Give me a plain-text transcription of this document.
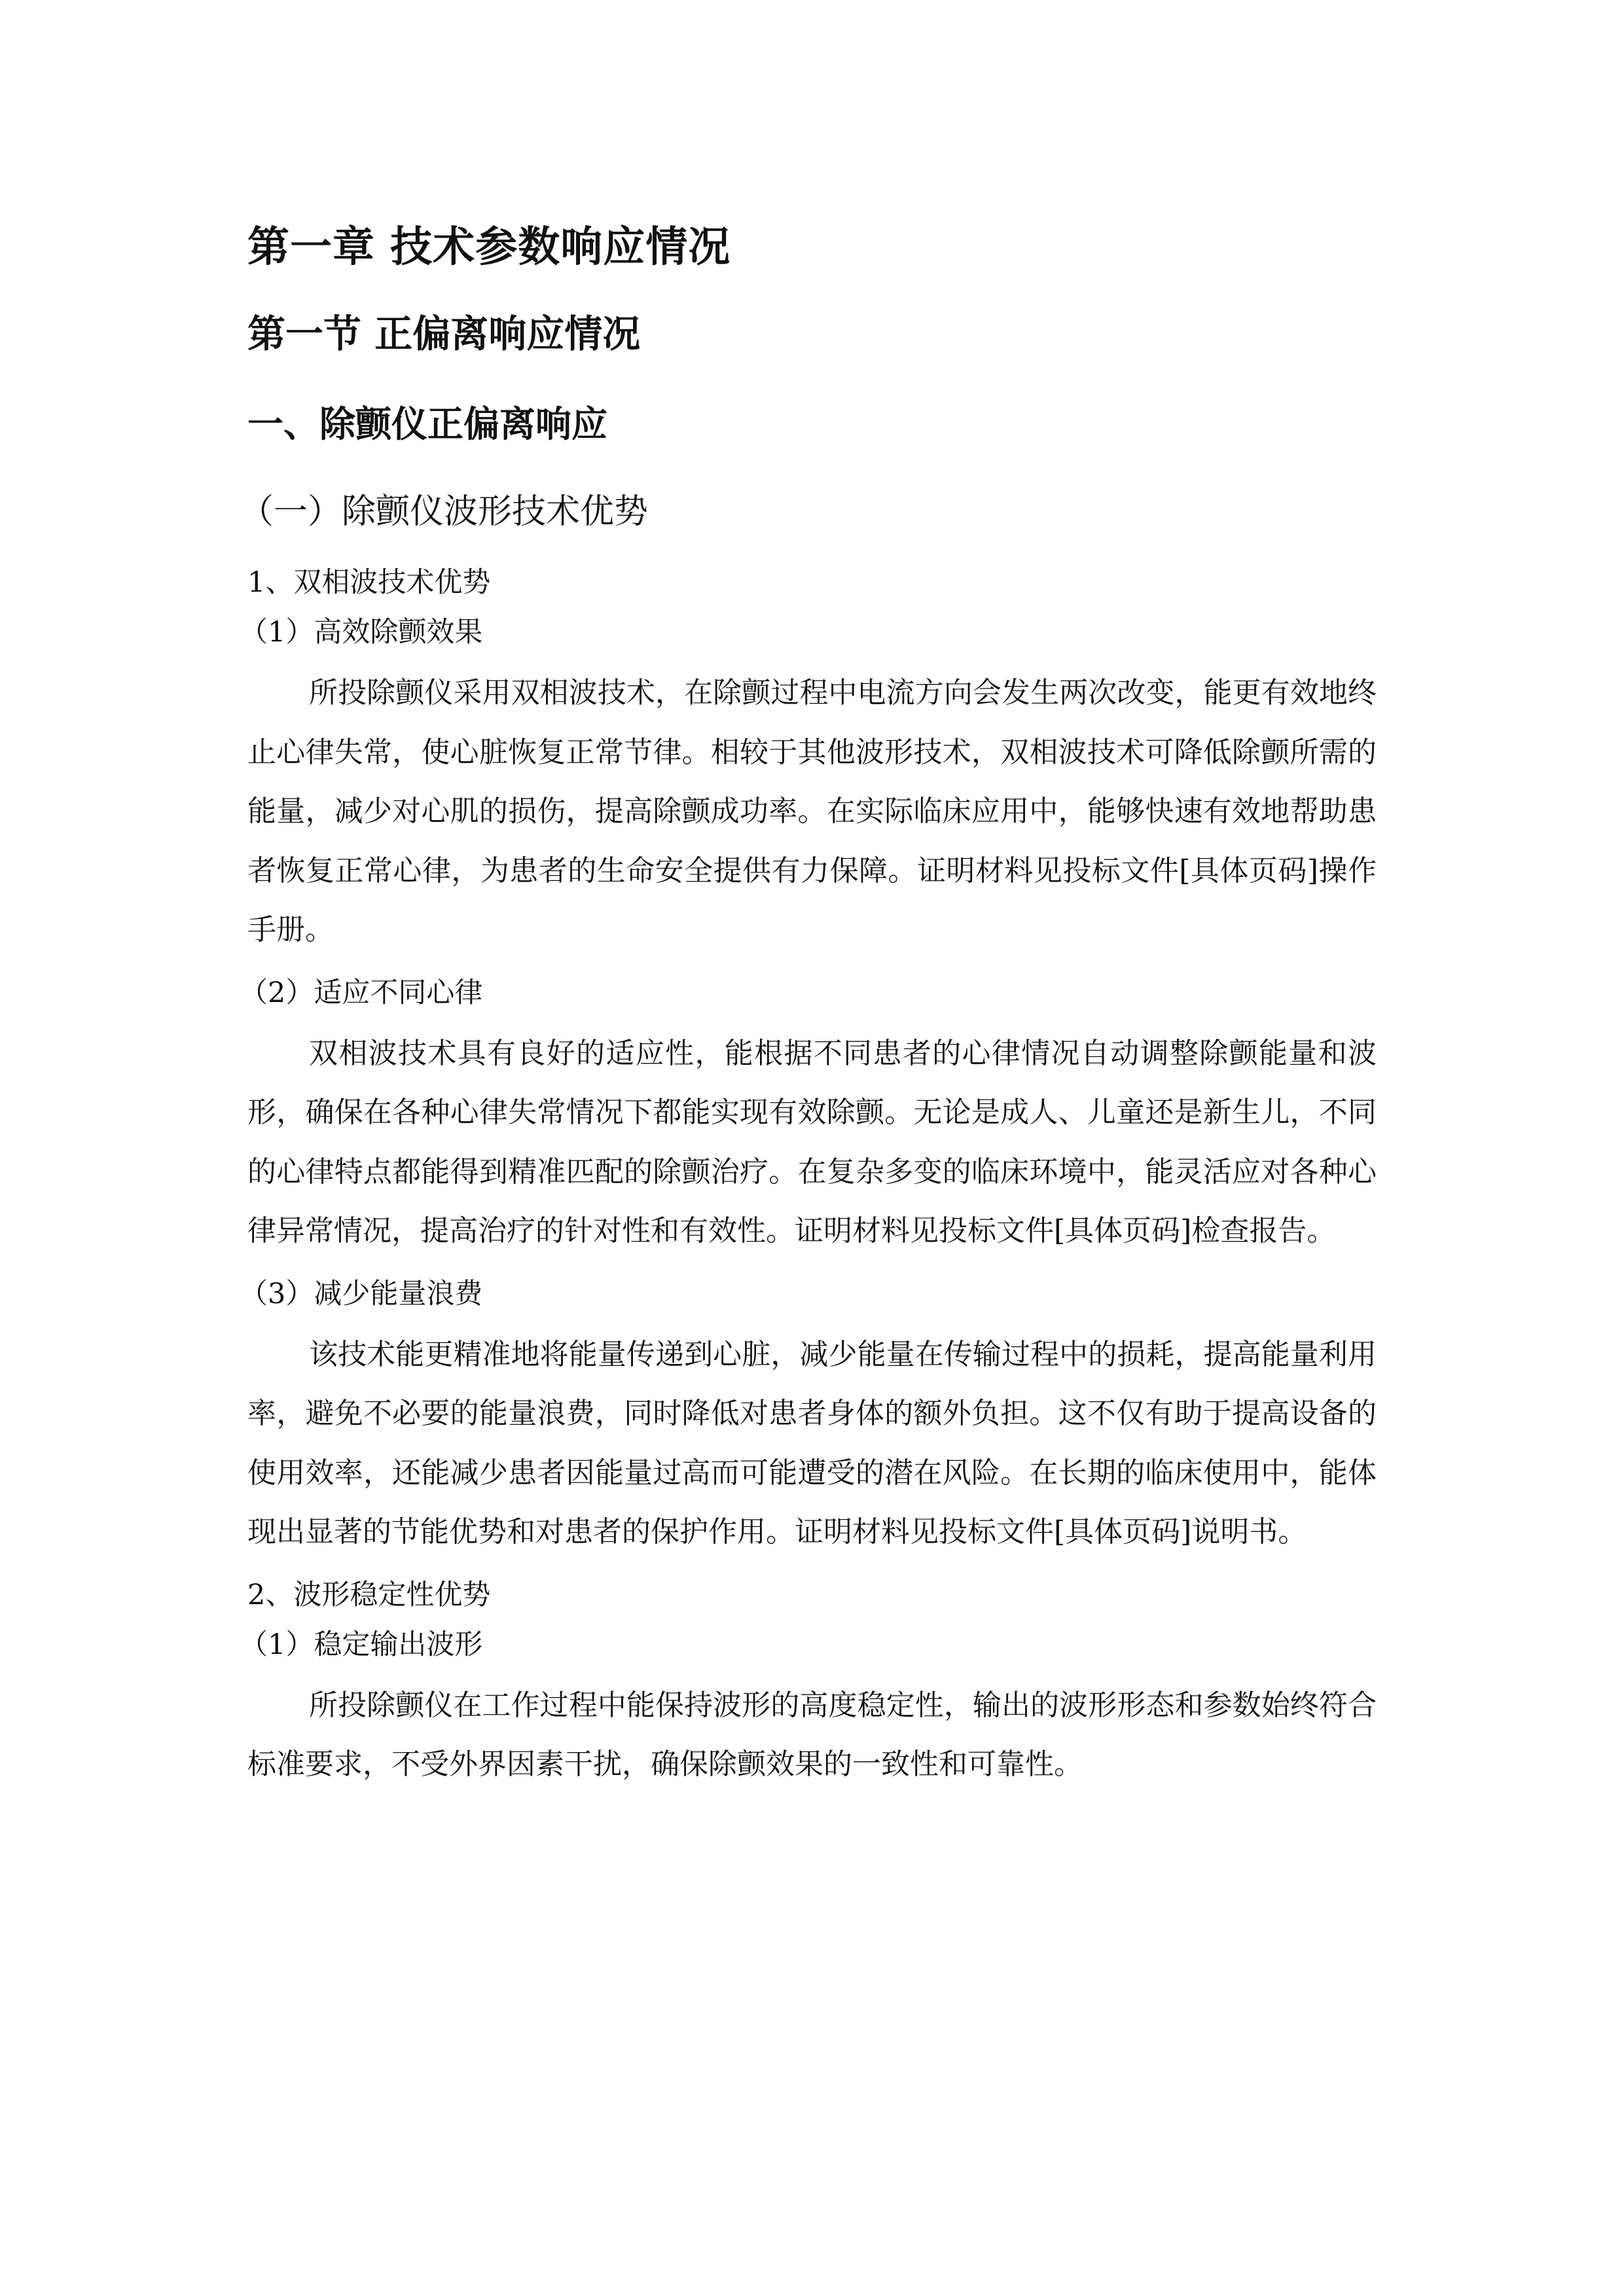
第一章 技术参数响应情况
第一节 正偏离响应情况
一、除颤仪正偏离响应
（一）除颤仪波形技术优势
1、双相波技术优势
（1）高效除颤效果

所投除颤仪采用双相波技术，在除颤过程中电流方向会发生两次改变，能更有效地终止心律失常，使心脏恢复正常节律。相较于其他波形技术，双相波技术可降低除颤所需的能量，减少对心肌的损伤，提高除颤成功率。在实际临床应用中，能够快速有效地帮助患者恢复正常心律，为患者的生命安全提供有力保障。证明材料见投标文件[具体页码]操作手册。

（2）适应不同心律

双相波技术具有良好的适应性，能根据不同患者的心律情况自动调整除颤能量和波形，确保在各种心律失常情况下都能实现有效除颤。无论是成人、儿童还是新生儿，不同的心律特点都能得到精准匹配的除颤治疗。在复杂多变的临床环境中，能灵活应对各种心律异常情况，提高治疗的针对性和有效性。证明材料见投标文件[具体页码]检查报告。

（3）减少能量浪费

该技术能更精准地将能量传递到心脏，减少能量在传输过程中的损耗，提高能量利用率，避免不必要的能量浪费，同时降低对患者身体的额外负担。这不仅有助于提高设备的使用效率，还能减少患者因能量过高而可能遭受的潜在风险。在长期的临床使用中，能体现出显著的节能优势和对患者的保护作用。证明材料见投标文件[具体页码]说明书。

2、波形稳定性优势
（1）稳定输出波形

所投除颤仪在工作过程中能保持波形的高度稳定性，输出的波形形态和参数始终符合标准要求，不受外界因素干扰，确保除颤效果的一致性和可靠性。
